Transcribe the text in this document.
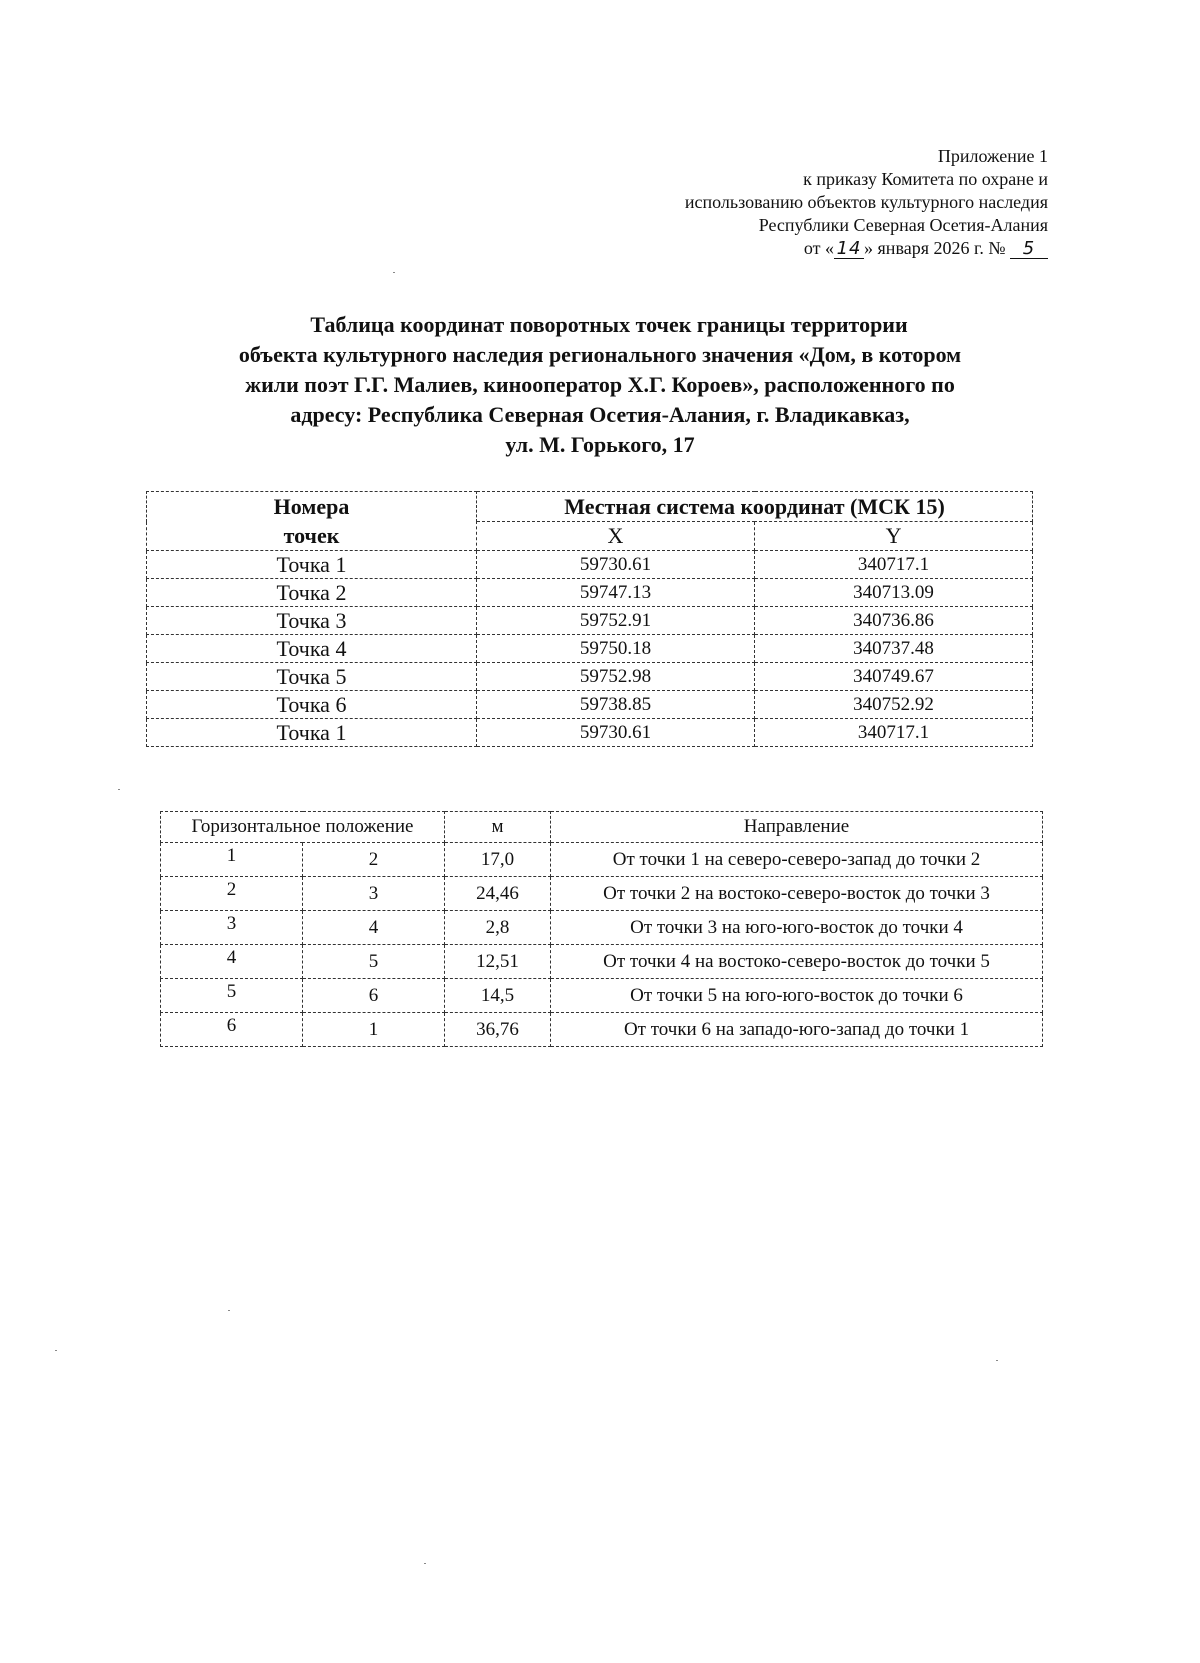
Приложение 1
к приказу Комитета по охране и
использованию объектов культурного наследия
Республики Северная Осетия-Алания
от « 14 » января 2026 г. № 5
Таблица координат поворотных точек границы территории
объекта культурного наследия регионального значения «Дом, в котором
жили поэт Г.Г. Малиев, кинооператор Х.Г. Короев», расположенного по
адресу: Республика Северная Осетия-Алания, г. Владикавказ,
ул. М. Горького, 17
Номера точек	Местная система координат (МСК 15)	
	X	Y
Точка 1	59730.61	340717.1
Точка 2	59747.13	340713.09
Точка 3	59752.91	340736.86
Точка 4	59750.18	340737.48
Точка 5	59752.98	340749.67
Точка 6	59738.85	340752.92
Точка 1	59730.61	340717.1
Горизонтальное положение		м	Направление
1	2	17,0	От точки 1 на северо-северо-запад до точки 2
2	3	24,46	От точки 2 на востоко-северо-восток до точки 3
3	4	2,8	От точки 3 на юго-юго-восток до точки 4
4	5	12,51	От точки 4 на востоко-северо-восток до точки 5
5	6	14,5	От точки 5 на юго-юго-восток до точки 6
6	1	36,76	От точки 6 на западо-юго-запад до точки 1
